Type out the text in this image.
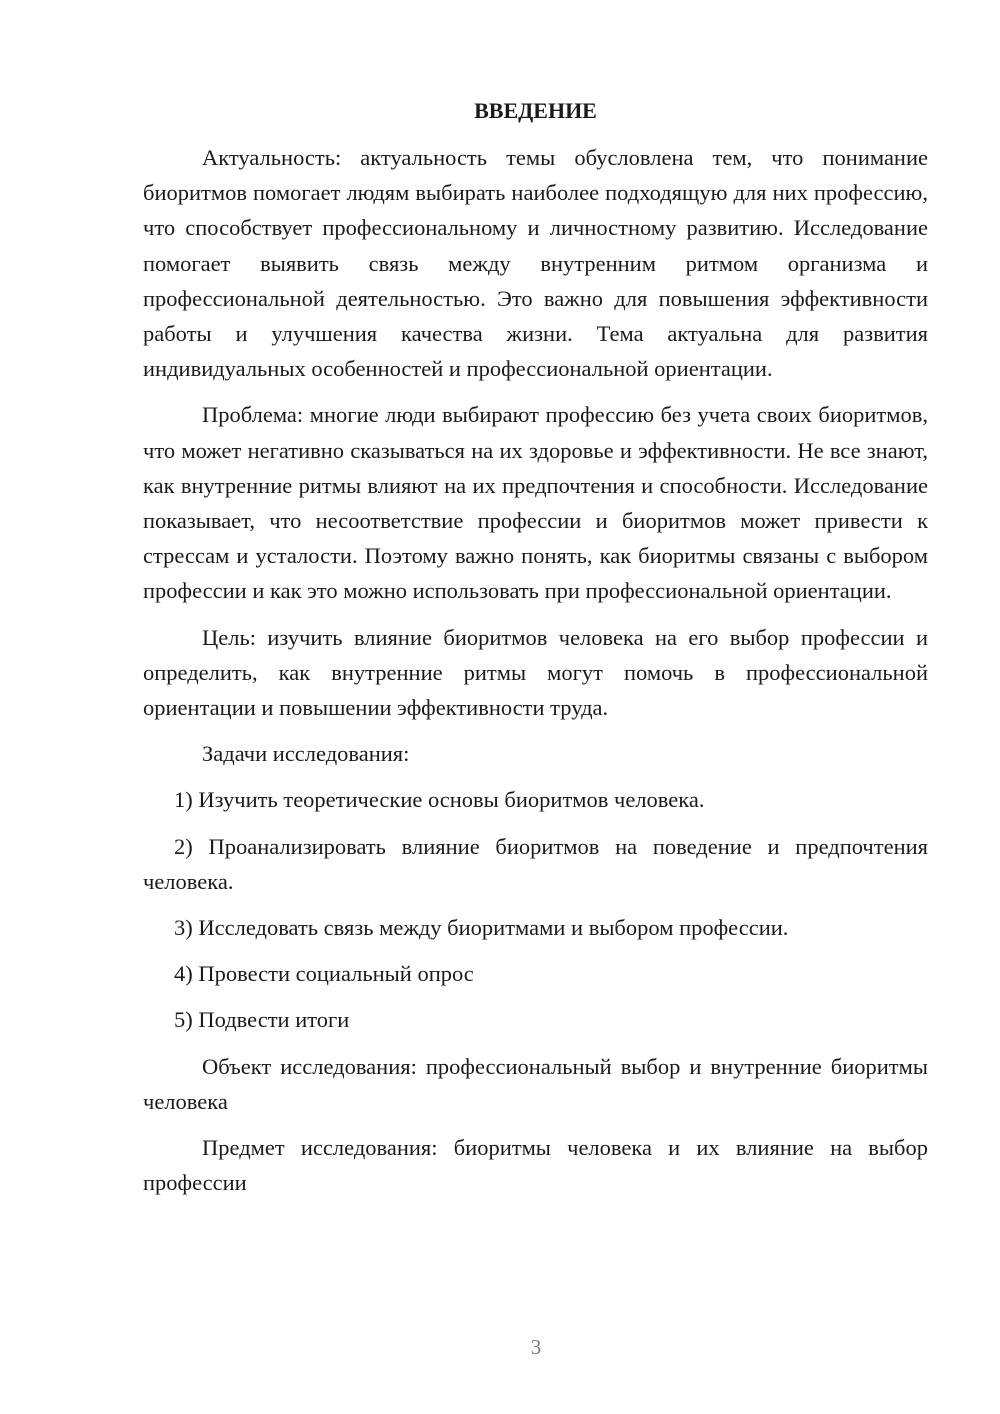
ВВЕДЕНИЕ

Актуальность: актуальность темы обусловлена тем, что понимание биоритмов помогает людям выбирать наиболее подходящую для них профессию, что способствует профессиональному и личностному развитию. Исследование помогает выявить связь между внутренним ритмом организма и профессиональной деятельностью. Это важно для повышения эффективности работы и улучшения качества жизни. Тема актуальна для развития индивидуальных особенностей и профессиональной ориентации.

Проблема: многие люди выбирают профессию без учета своих биоритмов, что может негативно сказываться на их здоровье и эффективности. Не все знают, как внутренние ритмы влияют на их предпочтения и способности. Исследование показывает, что несоответствие профессии и биоритмов может привести к стрессам и усталости. Поэтому важно понять, как биоритмы связаны с выбором профессии и как это можно использовать при профессиональной ориентации.

Цель: изучить влияние биоритмов человека на его выбор профессии и определить, как внутренние ритмы могут помочь в профессиональной ориентации и повышении эффективности труда.

Задачи исследования:

1) Изучить теоретические основы биоритмов человека.

2) Проанализировать влияние биоритмов на поведение и предпочтения человека.

3) Исследовать связь между биоритмами и выбором профессии.

4) Провести социальный опрос

5) Подвести итоги

Объект исследования: профессиональный выбор и внутренние биоритмы человека

Предмет исследования: биоритмы человека и их влияние на выбор профессии

3
